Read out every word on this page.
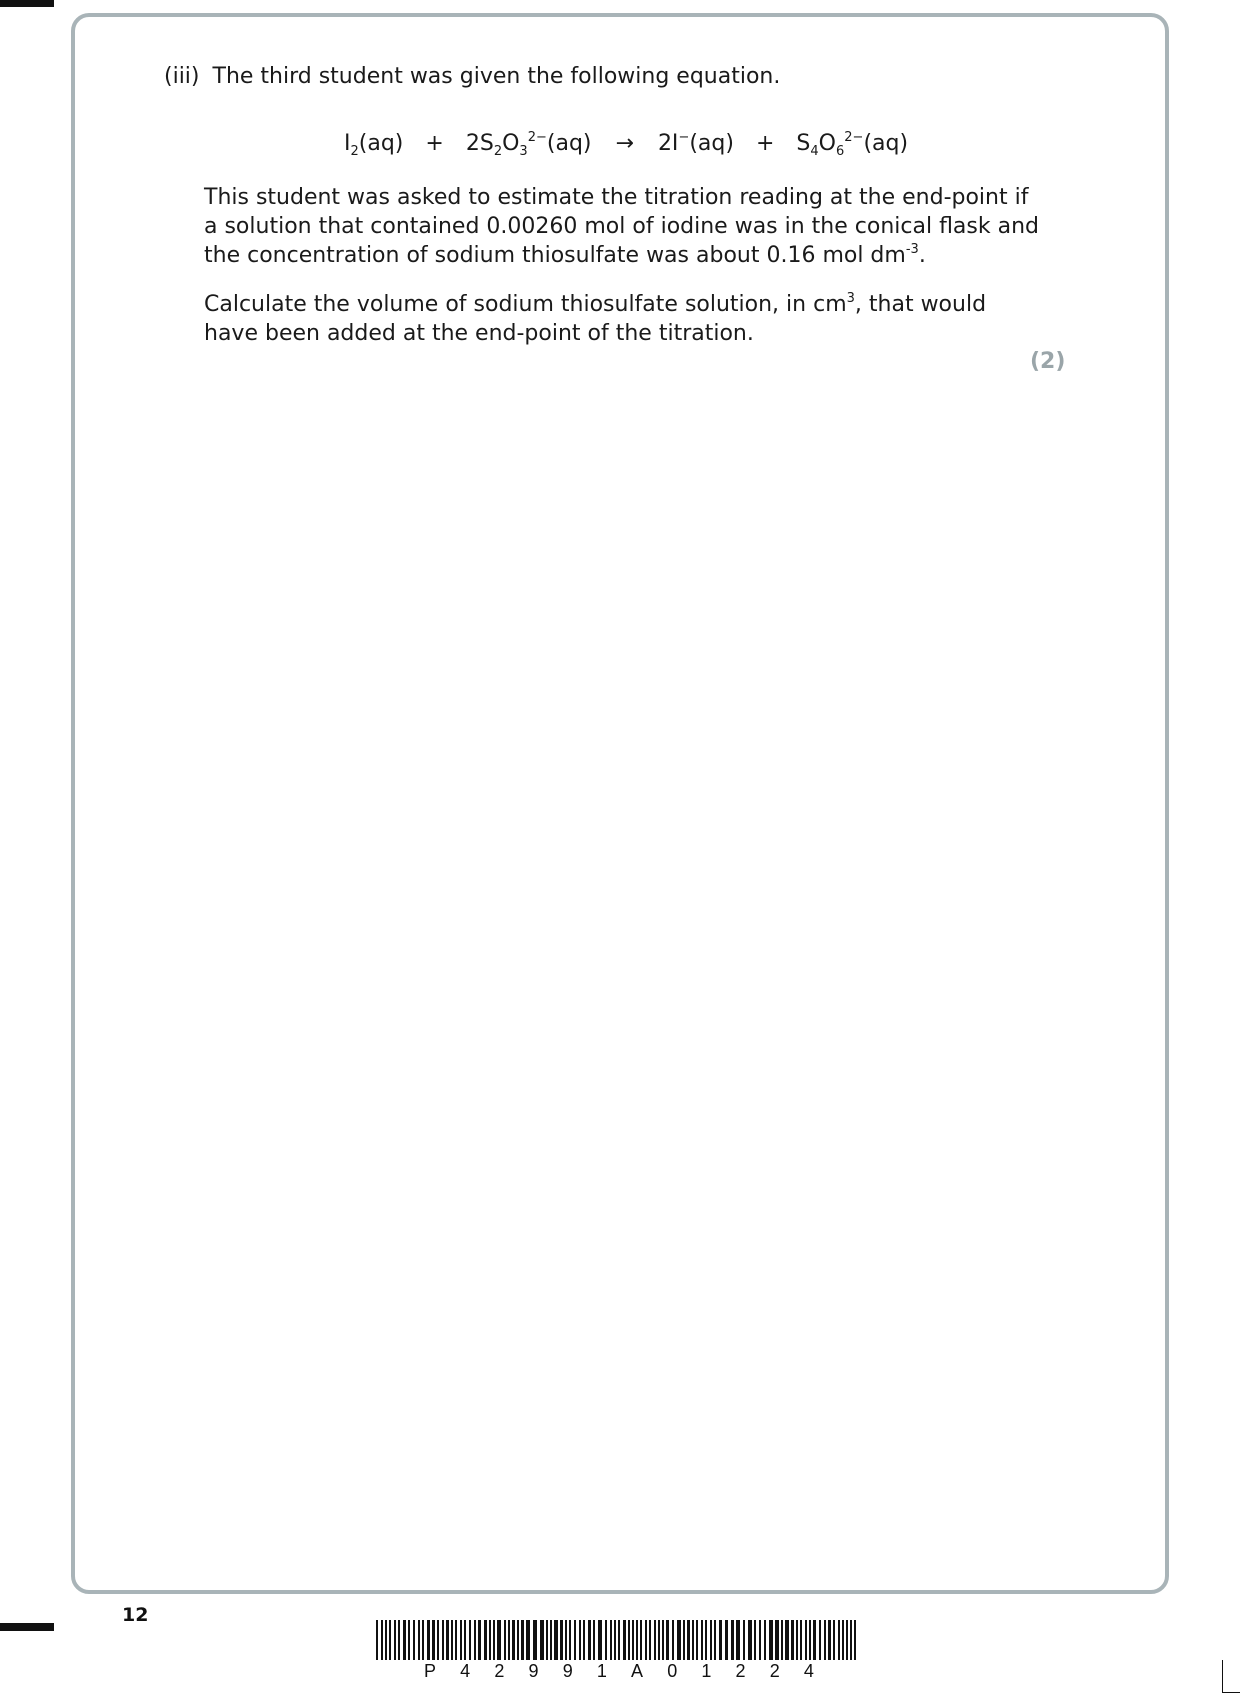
(iii) The third student was given the following equation.
$I_2(aq) + 2S_2O_3^{2-}(aq) \to 2I^-(aq) + S_4O_6^{2-}(aq)$
This student was asked to estimate the titration reading at the end-point if a solution that contained 0.00260 mol of iodine was in the conical flask and the concentration of sodium thiosulfate was about 0.16 mol $dm^{-3}$.
Calculate the volume of sodium thiosulfate solution, in $cm^3$, that would have been added at the end-point of the titration.
(2)
12
P 4 2 9 9 1 A 0 1 2 2 4
